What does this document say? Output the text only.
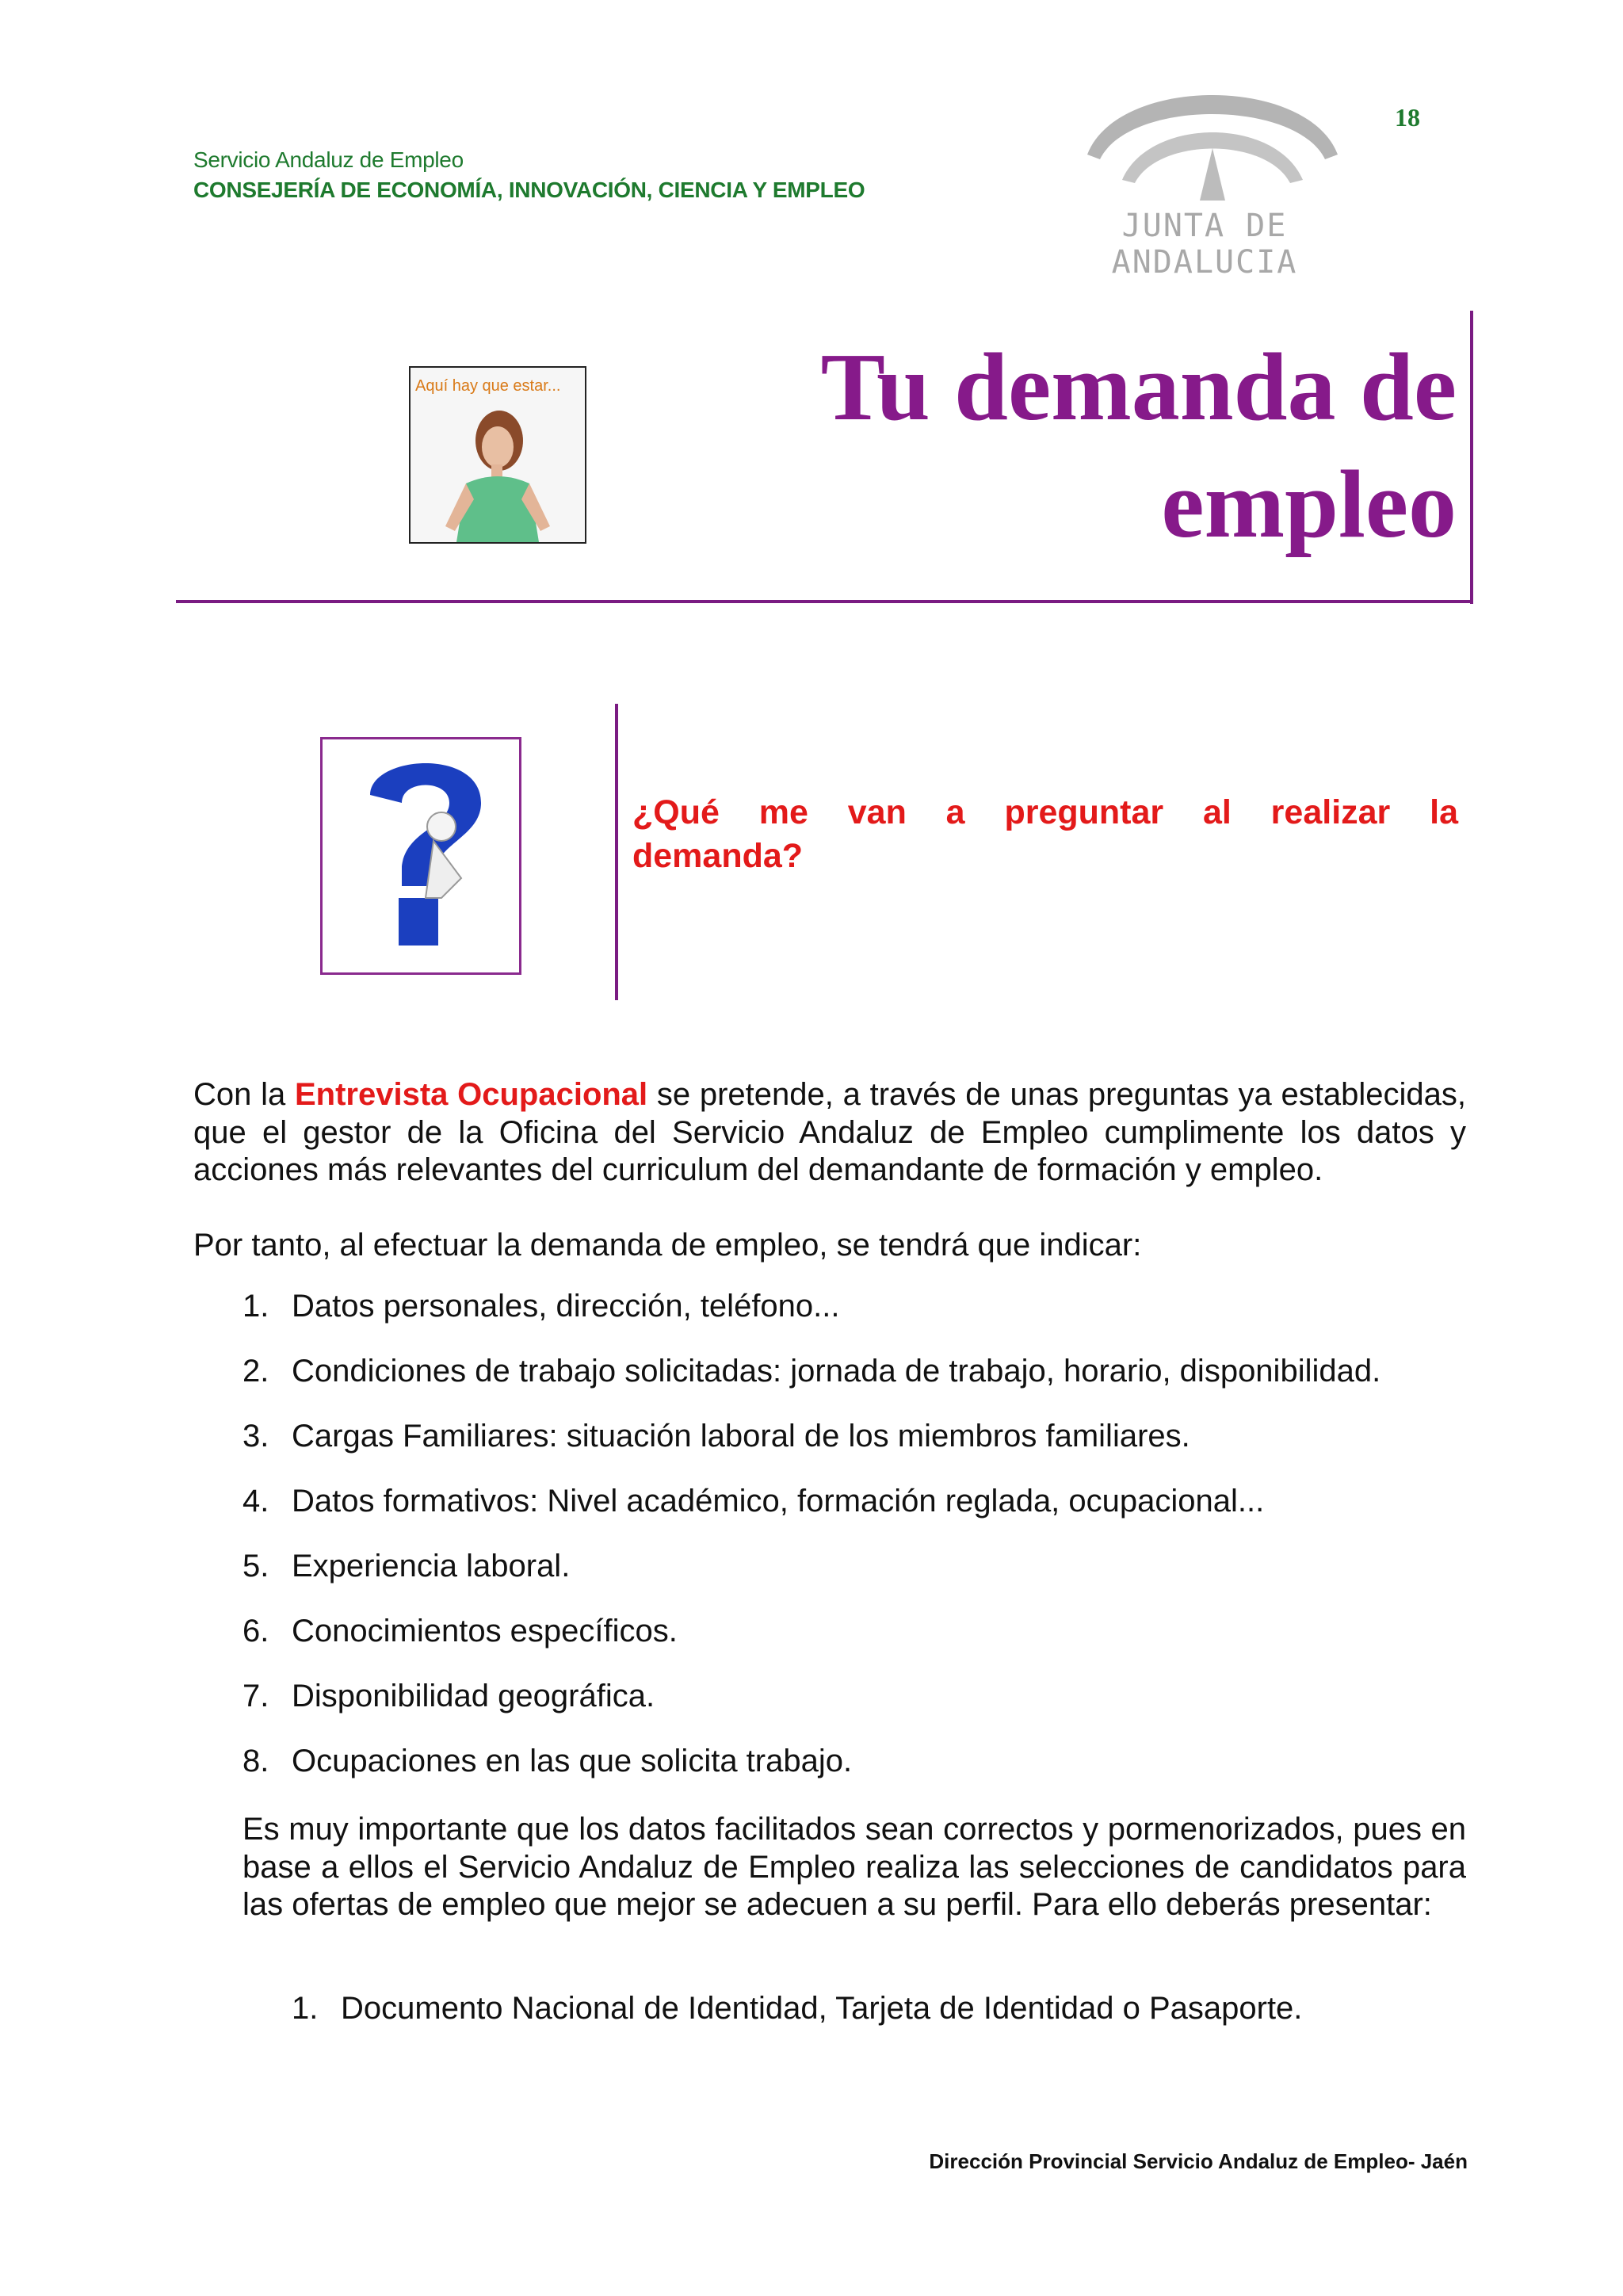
Servicio Andaluz de Empleo
CONSEJERÍA DE ECONOMÍA, INNOVACIÓN, CIENCIA Y EMPLEO
18
JUNTA DE ANDALUCIA
Tu demanda de
empleo
Aquí hay que estar...
¿Qué me van a preguntar al realizar la
demanda?
Con la Entrevista Ocupacional se pretende, a través de unas preguntas ya establecidas, que el gestor de la Oficina del Servicio Andaluz de Empleo cumplimente los datos y acciones más relevantes del curriculum del demandante de formación y empleo.
Por tanto, al efectuar la demanda de empleo, se tendrá que indicar:
1. Datos personales, dirección, teléfono...
2. Condiciones de trabajo solicitadas: jornada de trabajo, horario, disponibilidad.
3. Cargas Familiares: situación laboral de los miembros familiares.
4. Datos formativos: Nivel académico, formación reglada, ocupacional...
5. Experiencia laboral.
6. Conocimientos específicos.
7. Disponibilidad geográfica.
8. Ocupaciones en las que solicita trabajo.
Es muy importante que los datos facilitados sean correctos y pormenorizados, pues en base a ellos el Servicio Andaluz de Empleo realiza las selecciones de candidatos para las ofertas de empleo que mejor se adecuen a su perfil. Para ello deberás presentar:
1. Documento Nacional de Identidad, Tarjeta de Identidad o Pasaporte.
Dirección Provincial Servicio Andaluz de Empleo- Jaén
